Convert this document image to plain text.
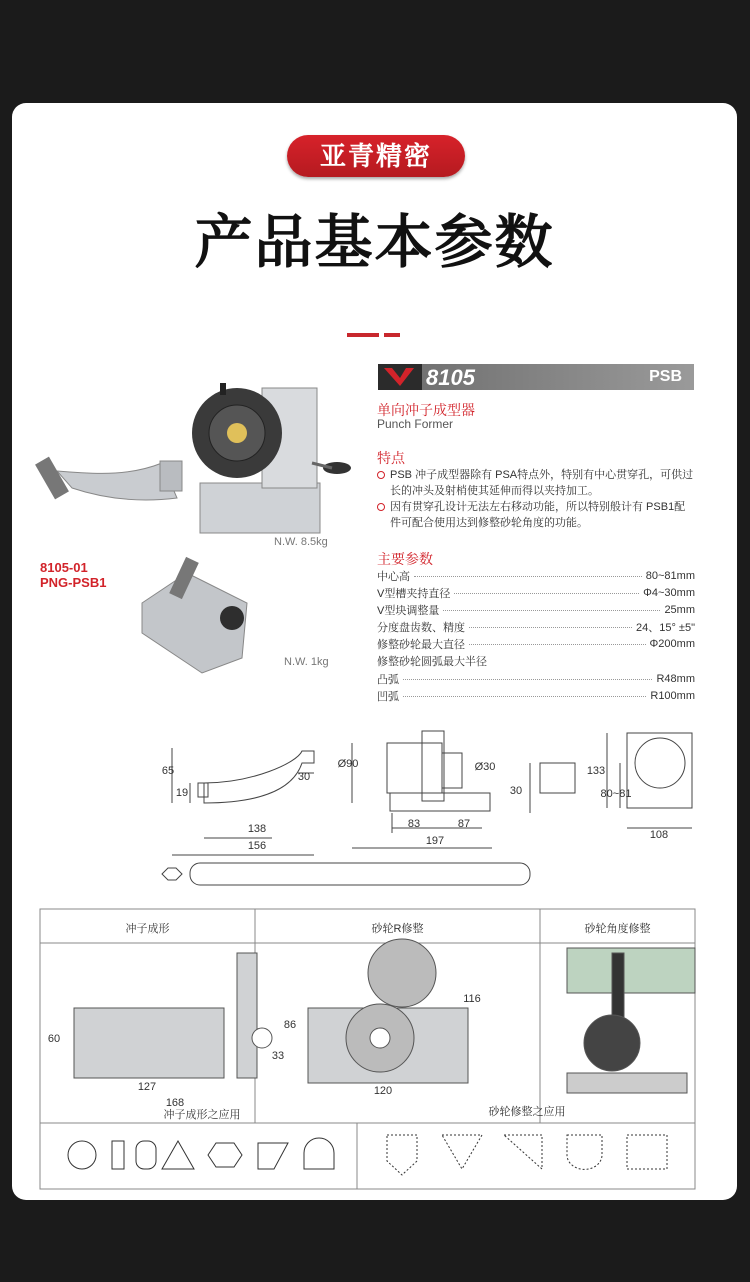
亚青精密
产品基本参数
8105	PSB
单向冲子成型器
Punch Former
特点
PSB 冲子成型器除有 PSA特点外，特别有中心贯穿孔，可供过长的冲头及射梢使其延伸而得以夹持加工。
因有贯穿孔设计无法左右移动功能，所以特别般计有 PSB1配件可配合使用达到修整砂轮角度的功能。
主要参数
中心高	80~81mm
V型槽夹持直径	Φ4~30mm
V型块调整量	25mm
分度盘齿数、精度	24、15° ±5"
修整砂轮最大直径	Φ200mm
修整砂轮圆弧最大半径
凸弧	R48mm
凹弧	R100mm
N.W. 8.5kg
N.W. 1kg
8105-01
PNG-PSB1
65
19
30
138
156
Ø90	Ø30
83	87
197
30
133
80~81
108
冲子成形	砂轮R修整	砂轮角度修整
60
86
33
127
168
116
120
冲子成形之应用	砂轮修整之应用
